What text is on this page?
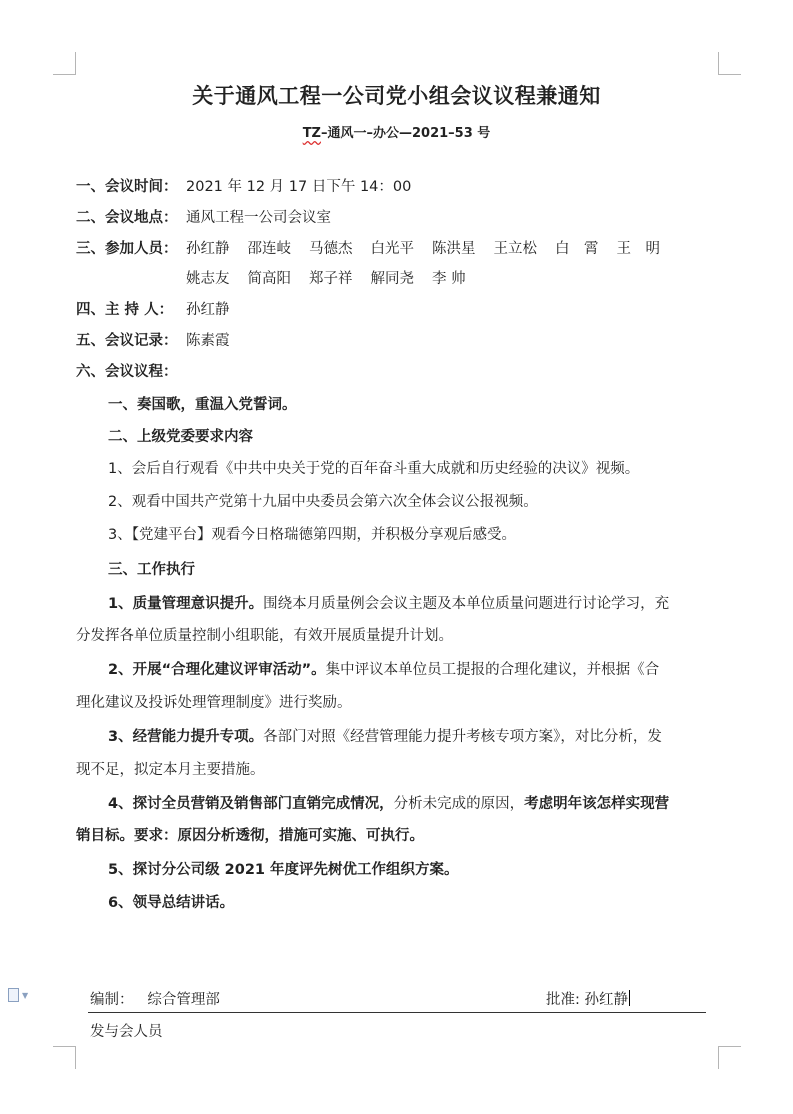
关于通风工程一公司党小组会议议程兼通知
TZ–通风一–办公—2021–53 号
一、会议时间： 2021 年 12 月 17 日下午 14：00
二、会议地点： 通风工程一公司会议室
三、参加人员： 孙红静 邵连岐 马德杰 白光平 陈洪星 王立松 白　霄 王　明
姚志友 简高阳 郑子祥 解同尧 李 帅
四、主 持 人： 孙红静
五、会议记录： 陈素霞
六、会议议程：
一、奏国歌，重温入党誓词。
二、上级党委要求内容
1、会后自行观看《中共中央关于党的百年奋斗重大成就和历史经验的决议》视频。
2、观看中国共产党第十九届中央委员会第六次全体会议公报视频。
3、【党建平台】观看今日格瑞德第四期，并积极分享观后感受。
三、工作执行
1、质量管理意识提升。围绕本月质量例会会议主题及本单位质量问题进行讨论学习，充
分发挥各单位质量控制小组职能，有效开展质量提升计划。
2、开展“合理化建议评审活动”。集中评议本单位员工提报的合理化建议，并根据《合
理化建议及投诉处理管理制度》进行奖励。
3、经营能力提升专项。各部门对照《经营管理能力提升考核专项方案》，对比分析，发
现不足，拟定本月主要措施。
4、探讨全员营销及销售部门直销完成情况，分析未完成的原因，考虑明年该怎样实现营
销目标。要求：原因分析透彻，措施可实施、可执行。
5、探讨分公司级 2021 年度评先树优工作组织方案。
6、领导总结讲话。
▼	编制： 综合管理部	批准: 孙红静
发与会人员
